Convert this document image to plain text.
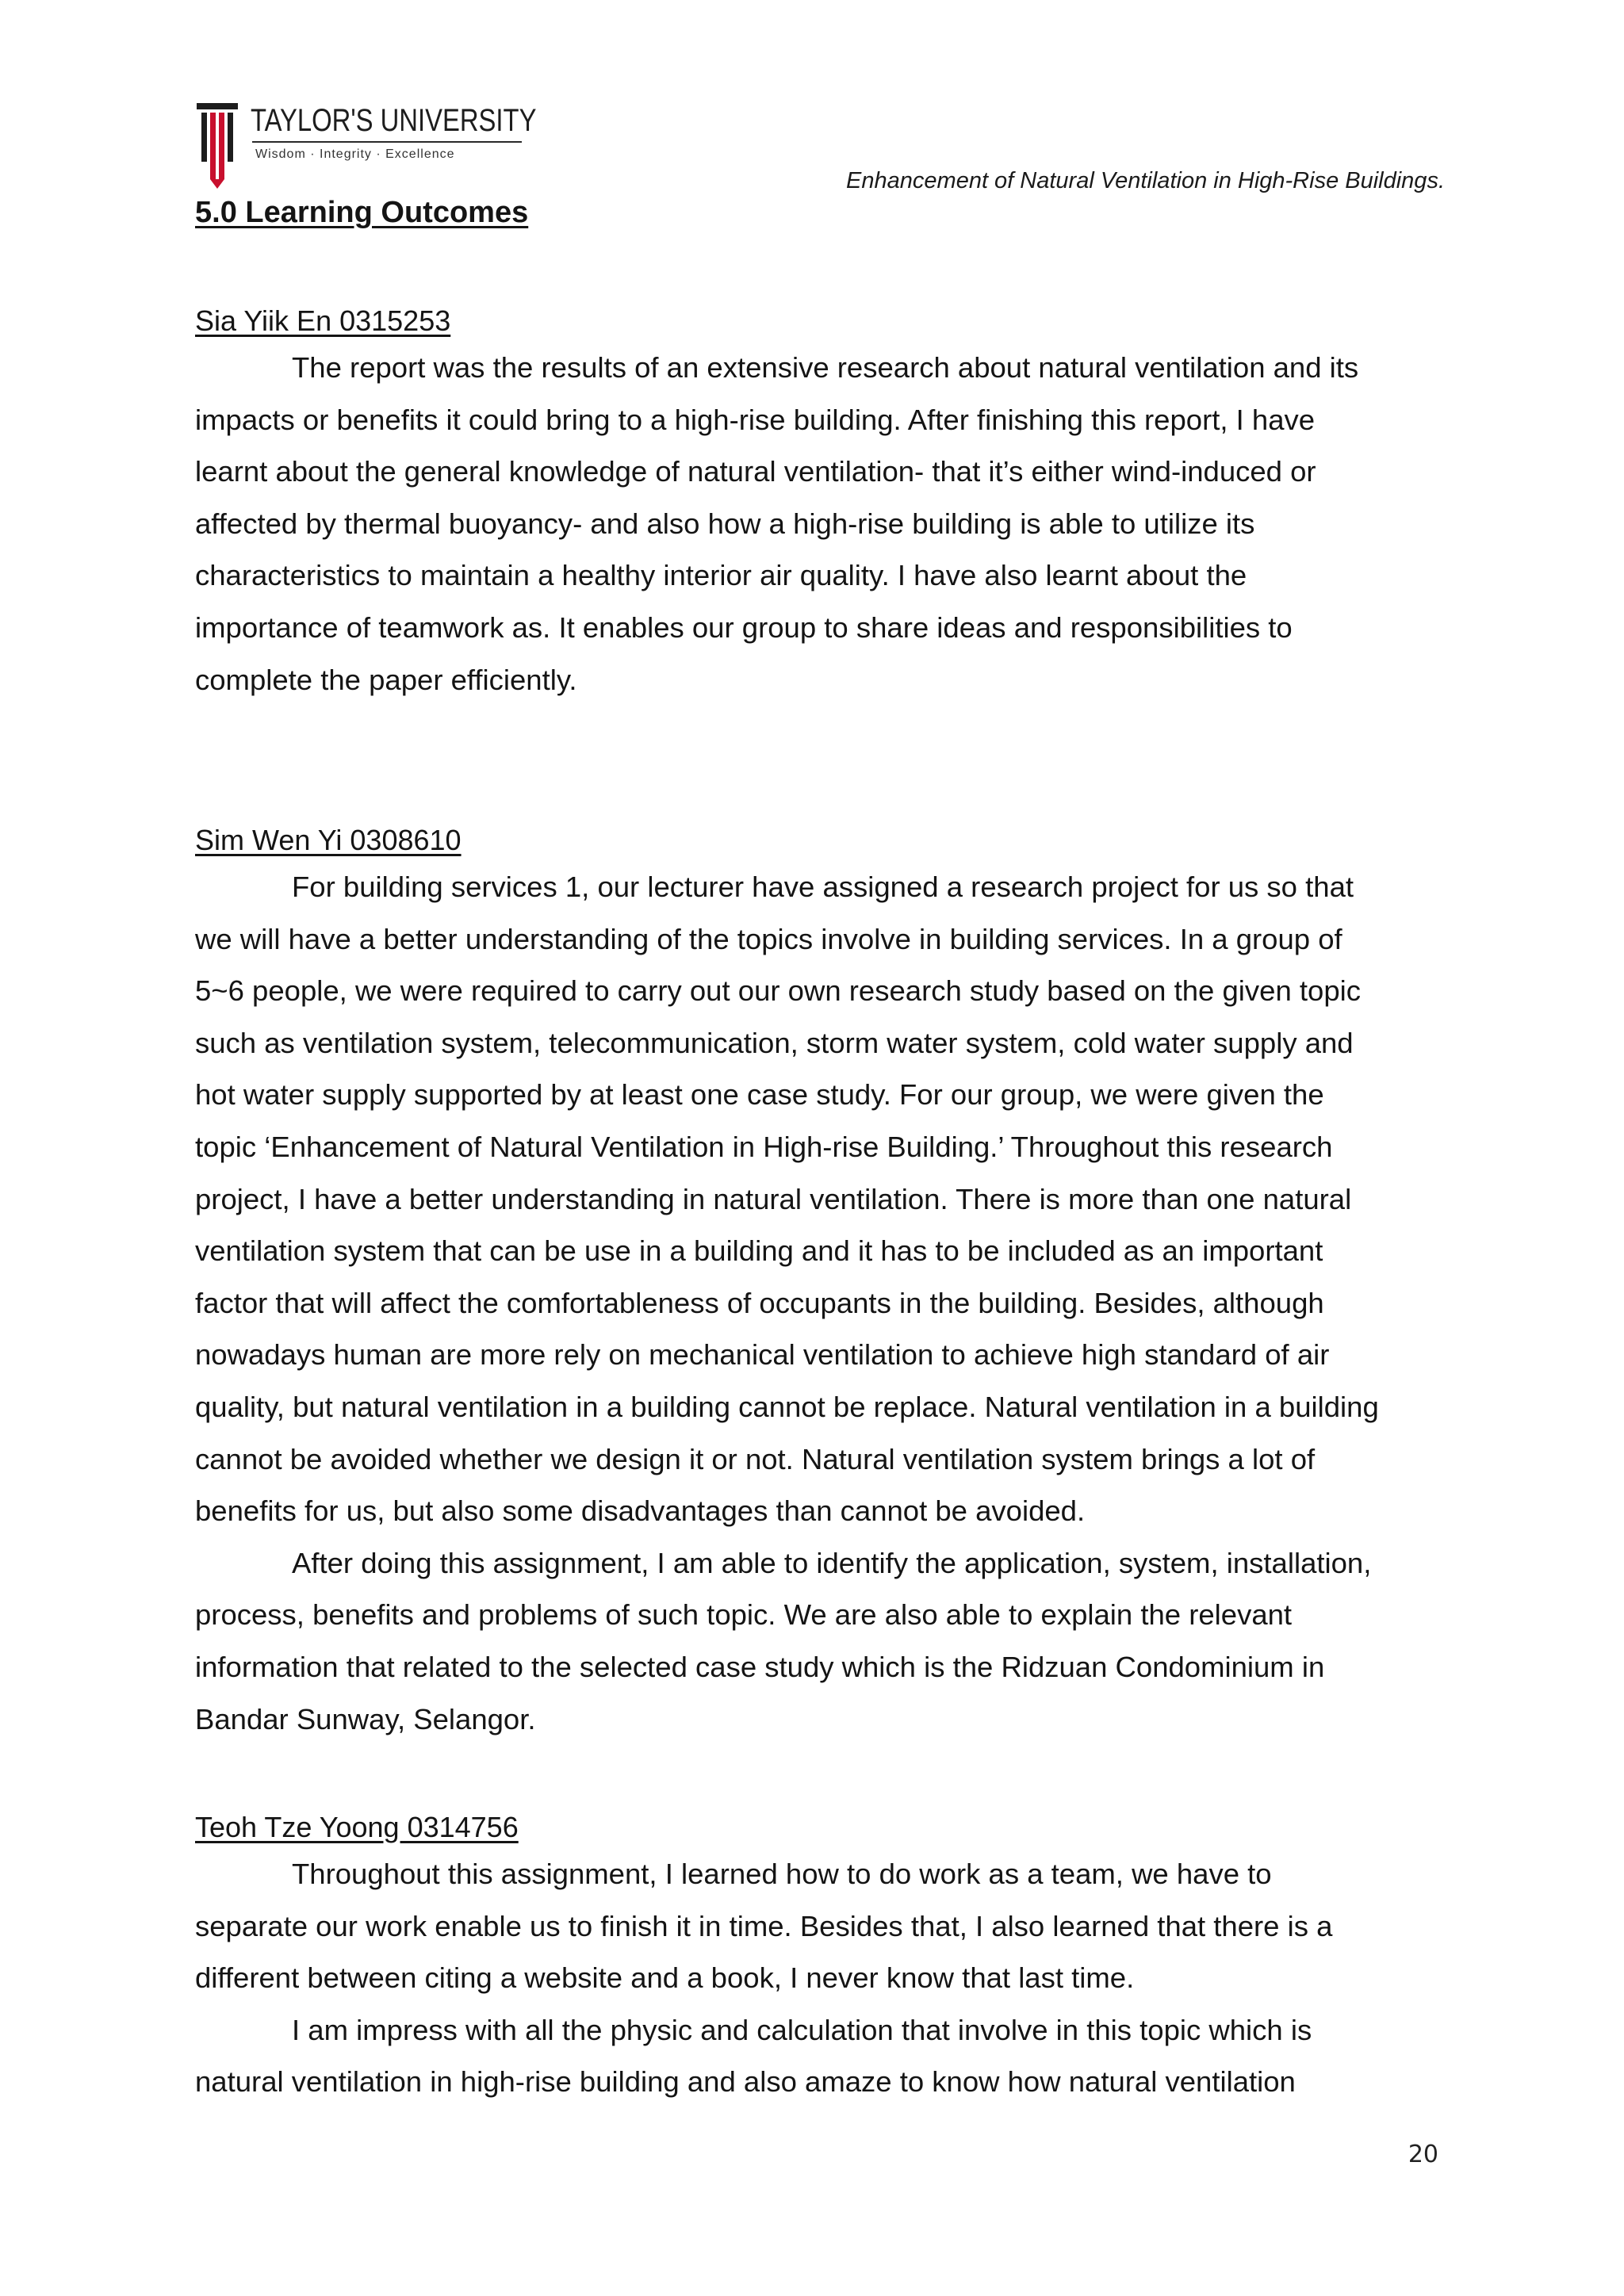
TAYLOR'S UNIVERSITY
Wisdom · Integrity · Excellence
Enhancement of Natural Ventilation in High-Rise Buildings.
5.0 Learning Outcomes

Sia Yiik En 0315253

The report was the results of an extensive research about natural ventilation and its
impacts or benefits it could bring to a high-rise building. After finishing this report, I have
learnt about the general knowledge of natural ventilation- that it’s either wind-induced or
affected by thermal buoyancy- and also how a high-rise building is able to utilize its
characteristics to maintain a healthy interior air quality. I have also learnt about the
importance of teamwork as. It enables our group to share ideas and responsibilities to
complete the paper efficiently.

Sim Wen Yi 0308610

For building services 1, our lecturer have assigned a research project for us so that
we will have a better understanding of the topics involve in building services. In a group of
5~6 people, we were required to carry out our own research study based on the given topic
such as ventilation system, telecommunication, storm water system, cold water supply and
hot water supply supported by at least one case study. For our group, we were given the
topic ‘Enhancement of Natural Ventilation in High-rise Building.’ Throughout this research
project, I have a better understanding in natural ventilation. There is more than one natural
ventilation system that can be use in a building and it has to be included as an important
factor that will affect the comfortableness of occupants in the building. Besides, although
nowadays human are more rely on mechanical ventilation to achieve high standard of air
quality, but natural ventilation in a building cannot be replace. Natural ventilation in a building
cannot be avoided whether we design it or not. Natural ventilation system brings a lot of
benefits for us, but also some disadvantages than cannot be avoided.
After doing this assignment, I am able to identify the application, system, installation,
process, benefits and problems of such topic. We are also able to explain the relevant
information that related to the selected case study which is the Ridzuan Condominium in
Bandar Sunway, Selangor.

Teoh Tze Yoong 0314756

Throughout this assignment, I learned how to do work as a team, we have to
separate our work enable us to finish it in time. Besides that, I also learned that there is a
different between citing a website and a book, I never know that last time.
I am impress with all the physic and calculation that involve in this topic which is
natural ventilation in high-rise building and also amaze to know how natural ventilation
20
